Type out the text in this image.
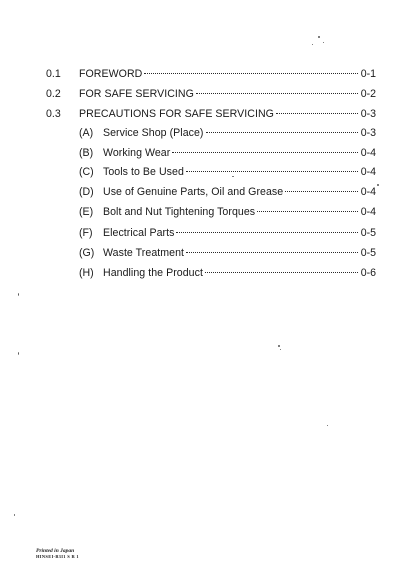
0.1	FOREWORD	0-1
0.2	FOR SAFE SERVICING	0-2
0.3	PRECAUTIONS FOR SAFE SERVICING	0-3
(A) Service Shop (Place)	0-3
(B) Working Wear	0-4
(C) Tools to Be Used	0-4
(D) Use of Genuine Parts, Oil and Grease	0-4
(E) Bolt and Nut Tightening Torques	0-4
(F) Electrical Parts	0-5
(G) Waste Treatment	0-5
(H) Handling the Product	0-6
Printed in Japan
HINSEI-B3I1 S R 1
